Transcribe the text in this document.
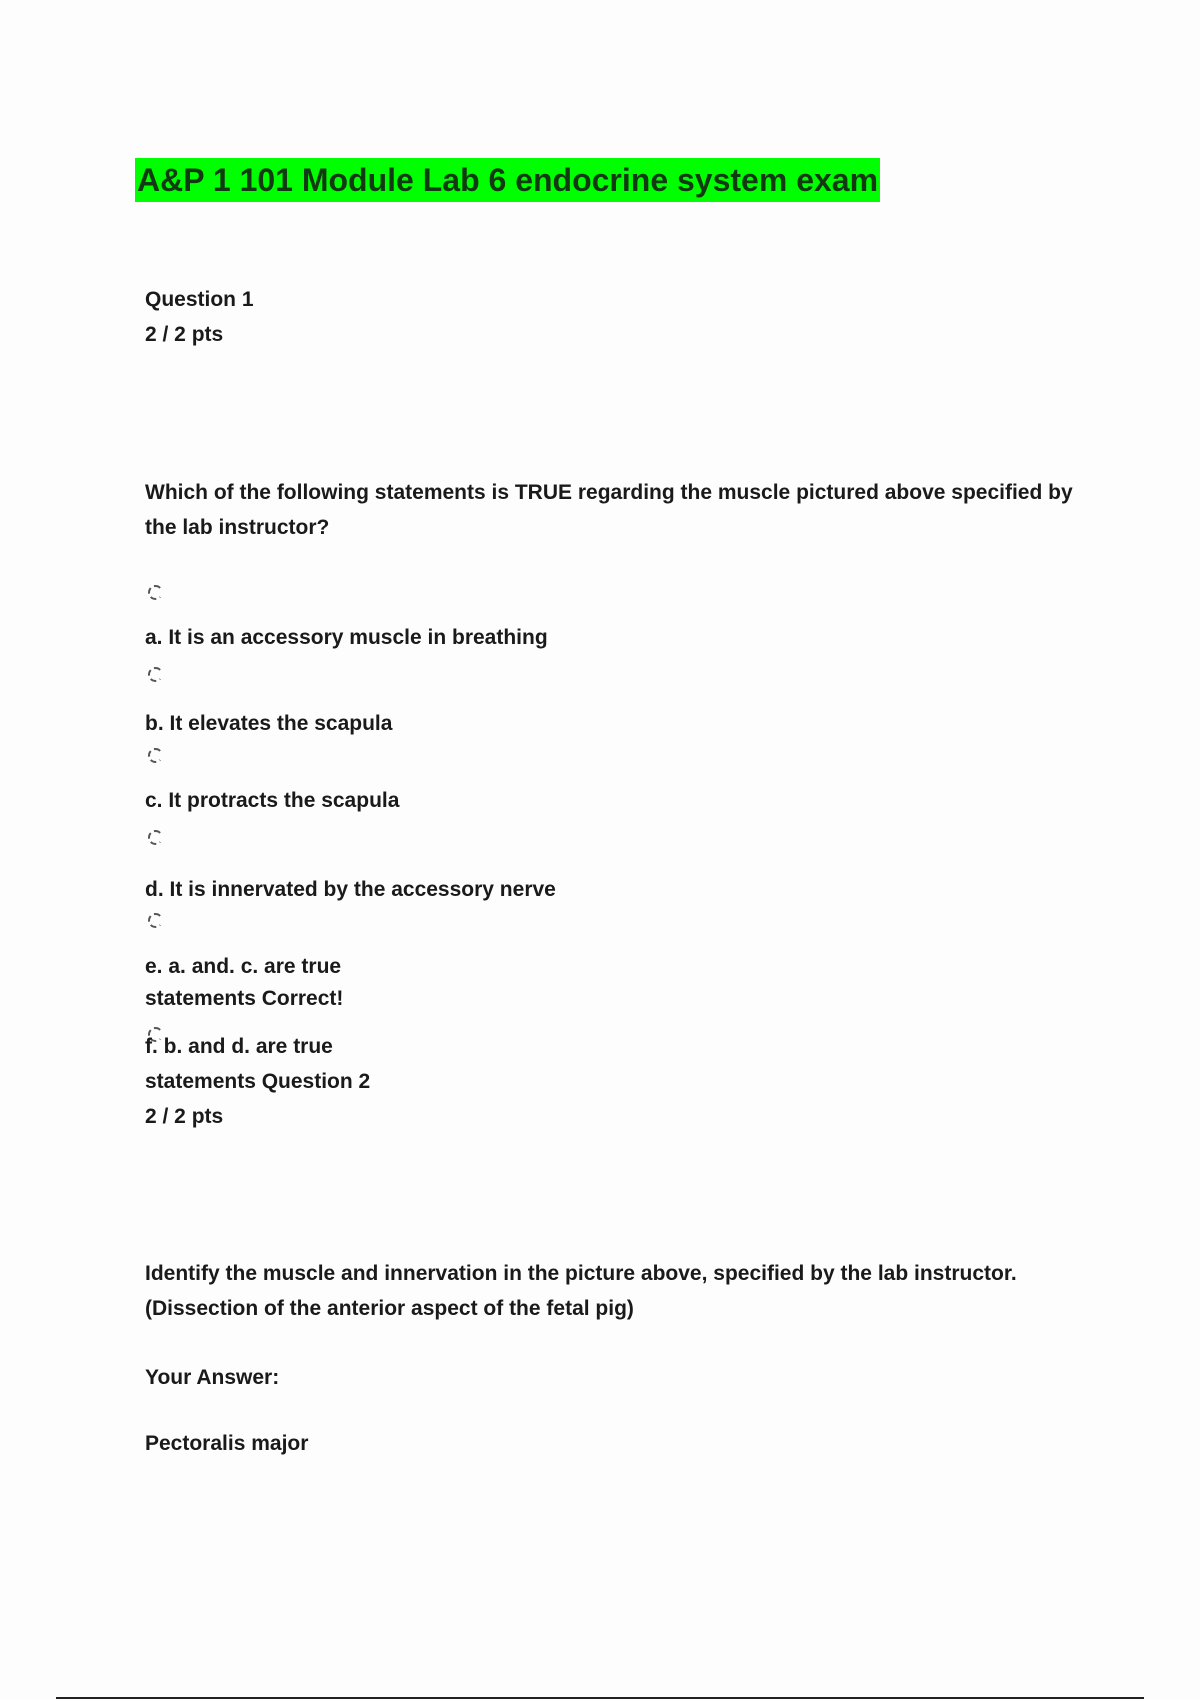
A&P 1 101 Module Lab 6 endocrine system exam
Question 1
2 / 2 pts
Which of the following statements is TRUE regarding the muscle pictured above specified by
the lab instructor?
a. It is an accessory muscle in breathing
b. It elevates the scapula
c. It protracts the scapula
d. It is innervated by the accessory nerve
e. a. and. c. are true
statements Correct!
f. b. and d. are true
statements Question 2
2 / 2 pts
Identify the muscle and innervation in the picture above, specified by the lab instructor.
(Dissection of the anterior aspect of the fetal pig)
Your Answer:
Pectoralis major
